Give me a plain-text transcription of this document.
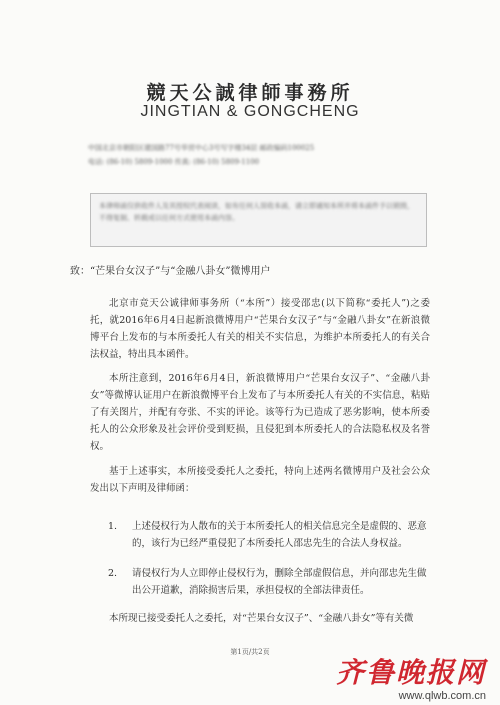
競天公誠律師事務所
JINGTIAN & GONGCHENG
中国北京市朝阳区建国路77号华贸中心3号写字楼34层 邮政编码100025
电话: (86-10) 5809-1000 传真: (86-10) 5809-1100
本律师函仅供收件人及其授权代表阅读，如有任何人误收本函，请立即通知本所并将本函件予以销毁，不得复制、转载或以任何方式使用本函内容。
致：“芒果台女汉子”与“金融八卦女”微博用户
北京市竞天公诚律师事务所（“本所”）接受邵忠(以下简称“委托人”)之委托，就2016年6月4日起新浪微博用户“芒果台女汉子”与“金融八卦女”在新浪微博平台上发布的与本所委托人有关的相关不实信息，为维护本所委托人的有关合法权益，特出具本函件。
本所注意到，2016年6月4日，新浪微博用户“芒果台女汉子”、“金融八卦女”等微博认证用户在新浪微博平台上发布了与本所委托人有关的不实信息，粘贴了有关图片，并配有夸张、不实的评论。该等行为已造成了恶劣影响，使本所委托人的公众形象及社会评价受到贬损，且侵犯到本所委托人的合法隐私权及名誉权。
基于上述事实，本所接受委托人之委托，特向上述两名微博用户及社会公众发出以下声明及律师函：
1. 上述侵权行为人散布的关于本所委托人的相关信息完全是虚假的、恶意的，该行为已经严重侵犯了本所委托人邵忠先生的合法人身权益。
2. 请侵权行为人立即停止侵权行为，删除全部虚假信息，并向邵忠先生做出公开道歉，消除损害后果，承担侵权的全部法律责任。
本所现已接受委托人之委托，对“芒果台女汉子”、“金融八卦女”等有关微
第1页/共2页
齐鲁晚报网
www.qlwb.com.cn
